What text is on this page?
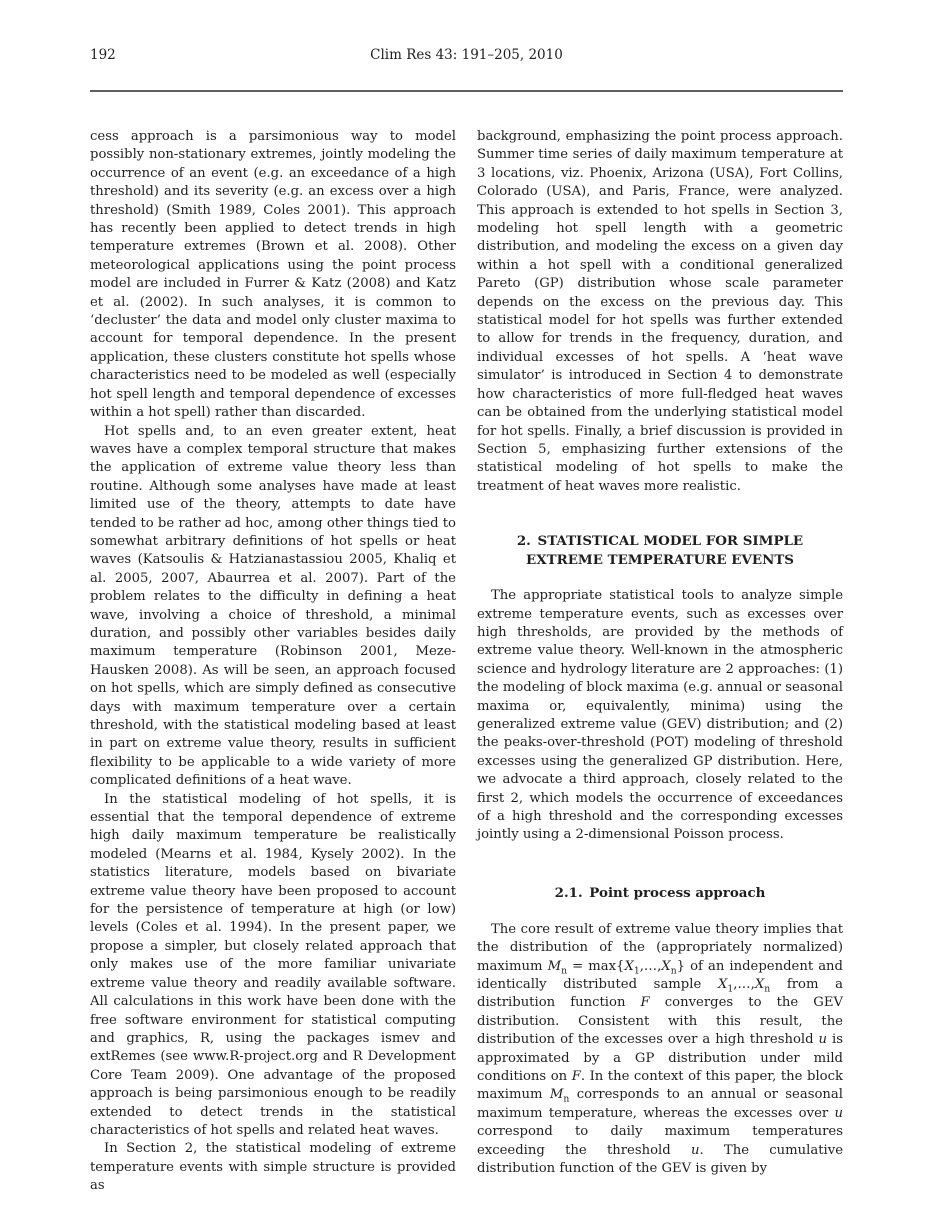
192	Clim Res 43: 191–205, 2010

cess approach is a parsimonious way to model possibly non-stationary extremes, jointly modeling the occurrence of an event (e.g. an exceedance of a high threshold) and its severity (e.g. an excess over a high threshold) (Smith 1989, Coles 2001). This approach has recently been applied to detect trends in high temperature extremes (Brown et al. 2008). Other meteorological applications using the point process model are included in Furrer & Katz (2008) and Katz et al. (2002). In such analyses, it is common to ‘decluster’ the data and model only cluster maxima to account for temporal dependence. In the present application, these clusters constitute hot spells whose characteristics need to be modeled as well (especially hot spell length and temporal dependence of excesses within a hot spell) rather than discarded.

Hot spells and, to an even greater extent, heat waves have a complex temporal structure that makes the application of extreme value theory less than routine. Although some analyses have made at least limited use of the theory, attempts to date have tended to be rather ad hoc, among other things tied to somewhat arbitrary definitions of hot spells or heat waves (Katsoulis & Hatzianastassiou 2005, Khaliq et al. 2005, 2007, Abaurrea et al. 2007). Part of the problem relates to the difficulty in defining a heat wave, involving a choice of threshold, a minimal duration, and possibly other variables besides daily maximum temperature (Robinson 2001, Meze-Hausken 2008). As will be seen, an approach focused on hot spells, which are simply defined as consecutive days with maximum temperature over a certain threshold, with the statistical modeling based at least in part on extreme value theory, results in sufficient flexibility to be applicable to a wide variety of more complicated definitions of a heat wave.

In the statistical modeling of hot spells, it is essential that the temporal dependence of extreme high daily maximum temperature be realistically modeled (Mearns et al. 1984, Kysely 2002). In the statistics literature, models based on bivariate extreme value theory have been proposed to account for the persistence of temperature at high (or low) levels (Coles et al. 1994). In the present paper, we propose a simpler, but closely related approach that only makes use of the more familiar univariate extreme value theory and readily available software. All calculations in this work have been done with the free software environment for statistical computing and graphics, R, using the packages ismev and extRemes (see www.R-project.org and R Development Core Team 2009). One advantage of the proposed approach is being parsimonious enough to be readily extended to detect trends in the statistical characteristics of hot spells and related heat waves.

In Section 2, the statistical modeling of extreme temperature events with simple structure is provided as

background, emphasizing the point process approach. Summer time series of daily maximum temperature at 3 locations, viz. Phoenix, Arizona (USA), Fort Collins, Colorado (USA), and Paris, France, were analyzed. This approach is extended to hot spells in Section 3, modeling hot spell length with a geometric distribution, and modeling the excess on a given day within a hot spell with a conditional generalized Pareto (GP) distribution whose scale parameter depends on the excess on the previous day. This statistical model for hot spells was further extended to allow for trends in the frequency, duration, and individual excesses of hot spells. A ‘heat wave simulator’ is introduced in Section 4 to demonstrate how characteristics of more full-fledged heat waves can be obtained from the underlying statistical model for hot spells. Finally, a brief discussion is provided in Section 5, emphasizing further extensions of the statistical modeling of hot spells to make the treatment of heat waves more realistic.

2. STATISTICAL MODEL FOR SIMPLE EXTREME TEMPERATURE EVENTS

The appropriate statistical tools to analyze simple extreme temperature events, such as excesses over high thresholds, are provided by the methods of extreme value theory. Well-known in the atmospheric science and hydrology literature are 2 approaches: (1) the modeling of block maxima (e.g. annual or seasonal maxima or, equivalently, minima) using the generalized extreme value (GEV) distribution; and (2) the peaks-over-threshold (POT) modeling of threshold excesses using the generalized GP distribution. Here, we advocate a third approach, closely related to the first 2, which models the occurrence of exceedances of a high threshold and the corresponding excesses jointly using a 2-dimensional Poisson process.

2.1. Point process approach

The core result of extreme value theory implies that the distribution of the (appropriately normalized) maximum $M_n$ = $\max\{X_1,\dots,X_n\}$ of an independent and identically distributed sample $X_1,\dots,X_n$ from a distribution function F converges to the GEV distribution. Consistent with this result, the distribution of the excesses over a high threshold u is approximated by a GP distribution under mild conditions on F. In the context of this paper, the block maximum $M_n$ corresponds to an annual or seasonal maximum temperature, whereas the excesses over u correspond to daily maximum temperatures exceeding the threshold u. The cumulative distribution function of the GEV is given by
